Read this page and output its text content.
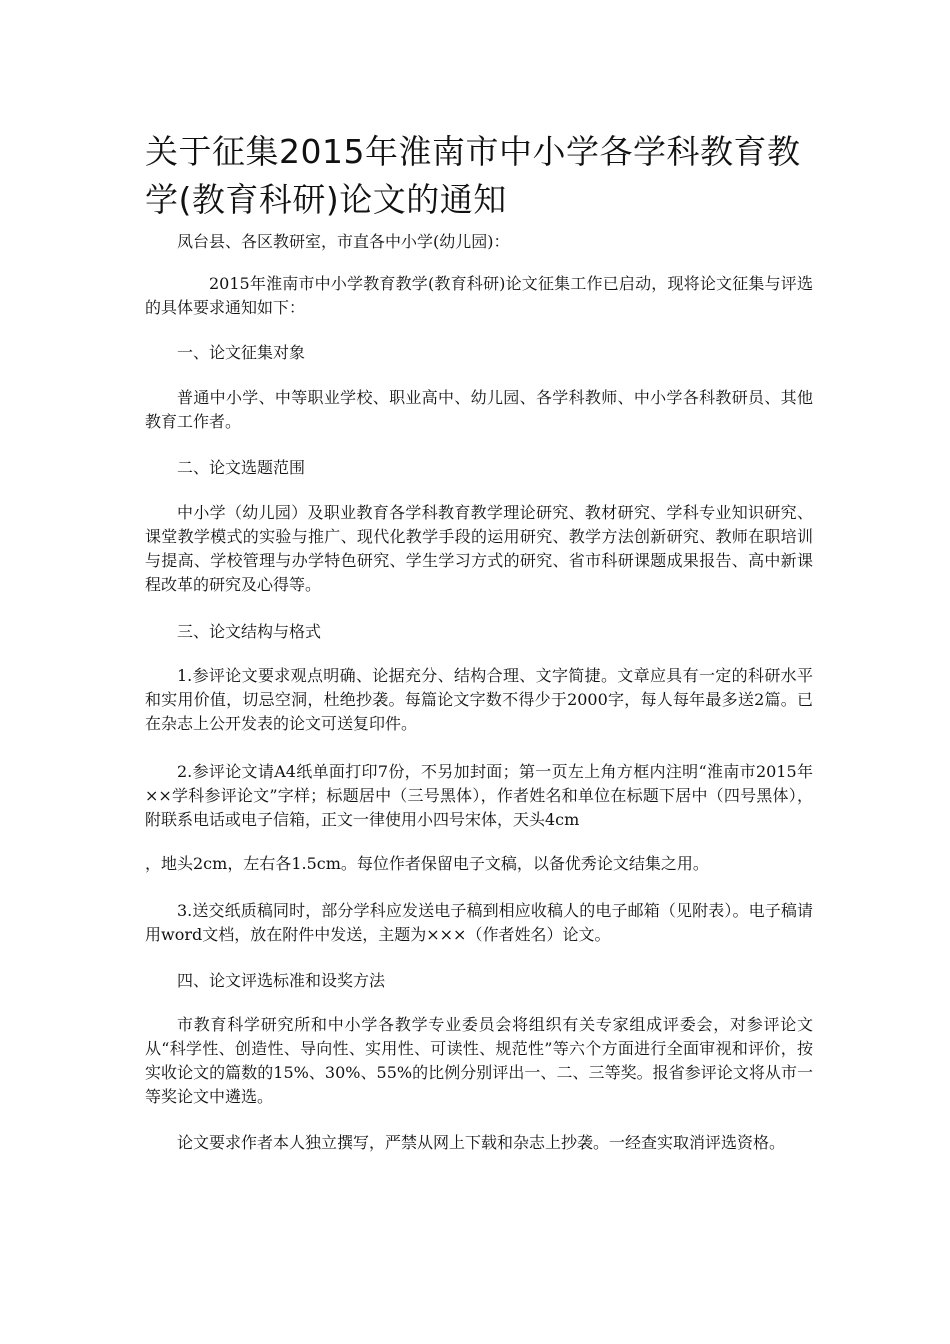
关于征集2015年淮南市中小学各学科教育教学(教育科研)论文的通知

凤台县、各区教研室，市直各中小学(幼儿园)：

2015年淮南市中小学教育教学(教育科研)论文征集工作已启动，现将论文征集与评选的具体要求通知如下：

一、论文征集对象

普通中小学、中等职业学校、职业高中、幼儿园、各学科教师、中小学各科教研员、其他教育工作者。

二、论文选题范围

中小学（幼儿园）及职业教育各学科教育教学理论研究、教材研究、学科专业知识研究、课堂教学模式的实验与推广、现代化教学手段的运用研究、教学方法创新研究、教师在职培训与提高、学校管理与办学特色研究、学生学习方式的研究、省市科研课题成果报告、高中新课程改革的研究及心得等。

三、论文结构与格式

1.参评论文要求观点明确、论据充分、结构合理、文字简捷。文章应具有一定的科研水平和实用价值，切忌空洞，杜绝抄袭。每篇论文字数不得少于2000字，每人每年最多送2篇。已在杂志上公开发表的论文可送复印件。

2.参评论文请A4纸单面打印7份，不另加封面；第一页左上角方框内注明“淮南市2015年××学科参评论文”字样；标题居中（三号黑体），作者姓名和单位在标题下居中（四号黑体），附联系电话或电子信箱，正文一律使用小四号宋体，天头4cm

，地头2cm，左右各1.5cm。每位作者保留电子文稿，以备优秀论文结集之用。

3.送交纸质稿同时，部分学科应发送电子稿到相应收稿人的电子邮箱（见附表）。电子稿请用word文档，放在附件中发送，主题为×××（作者姓名）论文。

四、论文评选标准和设奖方法

市教育科学研究所和中小学各教学专业委员会将组织有关专家组成评委会，对参评论文从“科学性、创造性、导向性、实用性、可读性、规范性”等六个方面进行全面审视和评价，按实收论文的篇数的15%、30%、55%的比例分别评出一、二、三等奖。报省参评论文将从市一等奖论文中遴选。

论文要求作者本人独立撰写，严禁从网上下载和杂志上抄袭。一经查实取消评选资格。
